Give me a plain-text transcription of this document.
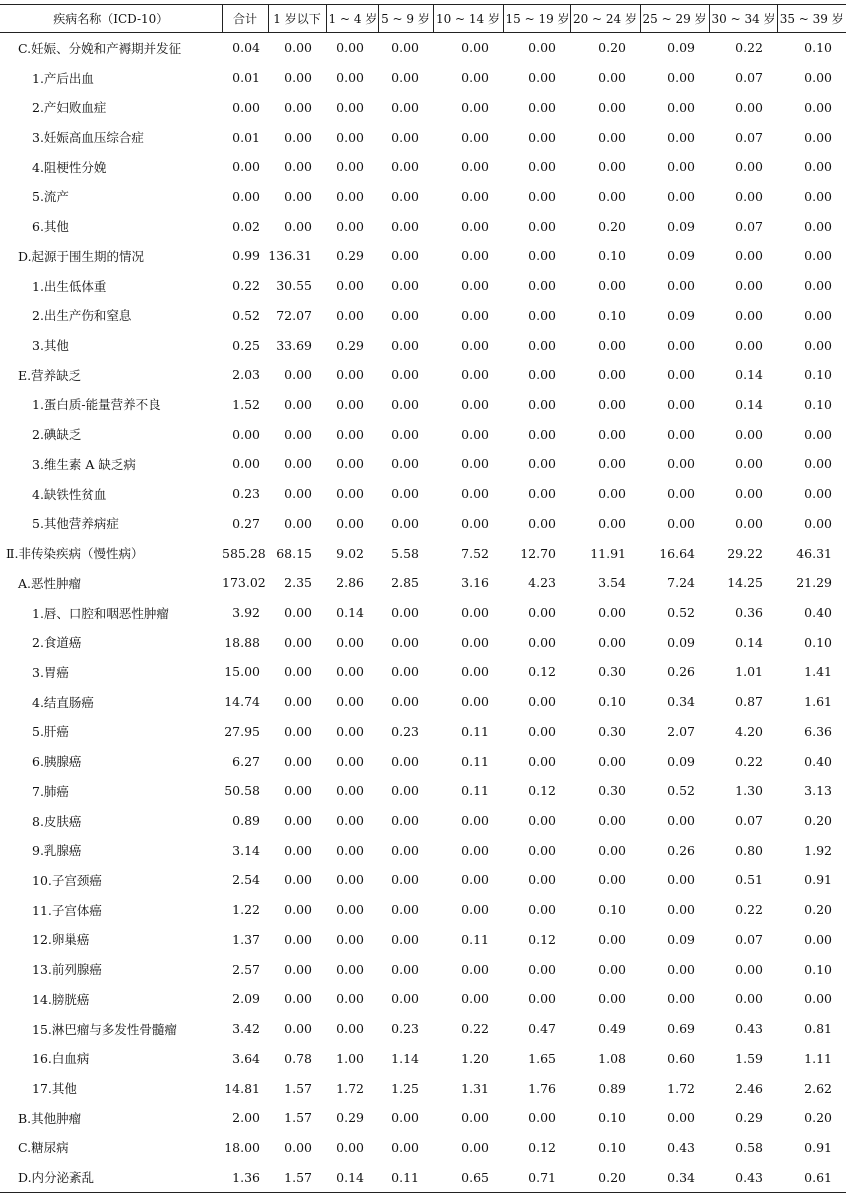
疾病名称（ICD-10）	合计	1 岁以下	1 ~ 4 岁	5 ~ 9 岁	10 ~ 14 岁	15 ~ 19 岁	20 ~ 24 岁	25 ~ 29 岁	30 ~ 34 岁	35 ~ 39 岁
C.妊娠、分娩和产褥期并发征	0.04	0.00	0.00	0.00	0.00	0.00	0.20	0.09	0.22	0.10
1.产后出血	0.01	0.00	0.00	0.00	0.00	0.00	0.00	0.00	0.07	0.00
2.产妇败血症	0.00	0.00	0.00	0.00	0.00	0.00	0.00	0.00	0.00	0.00
3.妊娠高血压综合症	0.01	0.00	0.00	0.00	0.00	0.00	0.00	0.00	0.07	0.00
4.阻梗性分娩	0.00	0.00	0.00	0.00	0.00	0.00	0.00	0.00	0.00	0.00
5.流产	0.00	0.00	0.00	0.00	0.00	0.00	0.00	0.00	0.00	0.00
6.其他	0.02	0.00	0.00	0.00	0.00	0.00	0.20	0.09	0.07	0.00
D.起源于围生期的情况	0.99	136.31	0.29	0.00	0.00	0.00	0.10	0.09	0.00	0.00
1.出生低体重	0.22	30.55	0.00	0.00	0.00	0.00	0.00	0.00	0.00	0.00
2.出生产伤和窒息	0.52	72.07	0.00	0.00	0.00	0.00	0.10	0.09	0.00	0.00
3.其他	0.25	33.69	0.29	0.00	0.00	0.00	0.00	0.00	0.00	0.00
E.营养缺乏	2.03	0.00	0.00	0.00	0.00	0.00	0.00	0.00	0.14	0.10
1.蛋白质-能量营养不良	1.52	0.00	0.00	0.00	0.00	0.00	0.00	0.00	0.14	0.10
2.碘缺乏	0.00	0.00	0.00	0.00	0.00	0.00	0.00	0.00	0.00	0.00
3.维生素 A 缺乏病	0.00	0.00	0.00	0.00	0.00	0.00	0.00	0.00	0.00	0.00
4.缺铁性贫血	0.23	0.00	0.00	0.00	0.00	0.00	0.00	0.00	0.00	0.00
5.其他营养病症	0.27	0.00	0.00	0.00	0.00	0.00	0.00	0.00	0.00	0.00
Ⅱ.非传染疾病（慢性病）	585.28	68.15	9.02	5.58	7.52	12.70	11.91	16.64	29.22	46.31
A.恶性肿瘤	173.02	2.35	2.86	2.85	3.16	4.23	3.54	7.24	14.25	21.29
1.唇、口腔和咽恶性肿瘤	3.92	0.00	0.14	0.00	0.00	0.00	0.00	0.52	0.36	0.40
2.食道癌	18.88	0.00	0.00	0.00	0.00	0.00	0.00	0.09	0.14	0.10
3.胃癌	15.00	0.00	0.00	0.00	0.00	0.12	0.30	0.26	1.01	1.41
4.结直肠癌	14.74	0.00	0.00	0.00	0.00	0.00	0.10	0.34	0.87	1.61
5.肝癌	27.95	0.00	0.00	0.23	0.11	0.00	0.30	2.07	4.20	6.36
6.胰腺癌	6.27	0.00	0.00	0.00	0.11	0.00	0.00	0.09	0.22	0.40
7.肺癌	50.58	0.00	0.00	0.00	0.11	0.12	0.30	0.52	1.30	3.13
8.皮肤癌	0.89	0.00	0.00	0.00	0.00	0.00	0.00	0.00	0.07	0.20
9.乳腺癌	3.14	0.00	0.00	0.00	0.00	0.00	0.00	0.26	0.80	1.92
10.子宫颈癌	2.54	0.00	0.00	0.00	0.00	0.00	0.00	0.00	0.51	0.91
11.子宫体癌	1.22	0.00	0.00	0.00	0.00	0.00	0.10	0.00	0.22	0.20
12.卵巢癌	1.37	0.00	0.00	0.00	0.11	0.12	0.00	0.09	0.07	0.00
13.前列腺癌	2.57	0.00	0.00	0.00	0.00	0.00	0.00	0.00	0.00	0.10
14.膀胱癌	2.09	0.00	0.00	0.00	0.00	0.00	0.00	0.00	0.00	0.00
15.淋巴瘤与多发性骨髓瘤	3.42	0.00	0.00	0.23	0.22	0.47	0.49	0.69	0.43	0.81
16.白血病	3.64	0.78	1.00	1.14	1.20	1.65	1.08	0.60	1.59	1.11
17.其他	14.81	1.57	1.72	1.25	1.31	1.76	0.89	1.72	2.46	2.62
B.其他肿瘤	2.00	1.57	0.29	0.00	0.00	0.00	0.10	0.00	0.29	0.20
C.糖尿病	18.00	0.00	0.00	0.00	0.00	0.12	0.10	0.43	0.58	0.91
D.内分泌紊乱	1.36	1.57	0.14	0.11	0.65	0.71	0.20	0.34	0.43	0.61
